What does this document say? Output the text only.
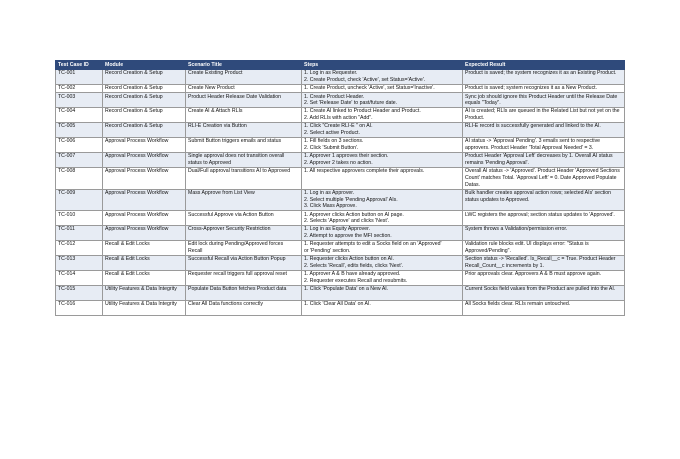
Test Case ID	Module	Scenario Title	Steps	Expected Result
TC-001	Record Creation & Setup	Create Existing Product	1. Log in as Requester.
2. Create Product, check 'Active', set Status='Active'.	Product is saved; the system recognizes it as an Existing Product.
TC-002	Record Creation & Setup	Create New Product	1. Create Product, uncheck 'Active', set Status='Inactive'.	Product is saved; system recognizes it as a New Product.
TC-003	Record Creation & Setup	Product Header Release Date Validation	1. Create Product Header.
2. Set 'Release Date' to past/future date.	Sync job should ignore this Product Header until the Release Date equals "Today".
TC-004	Record Creation & Setup	Create AI & Attach RLIs	1. Create AI linked to Product Header and Product.
2. Add RLIs with action "Add".	AI is created; RLIs are queued in the Related List but not yet on the Product.
TC-005	Record Creation & Setup	RLI-E Creation via Button	1. Click "Create RLI-E " on AI.
2. Select active Product.	RLI-E record is successfully generated and linked to the AI.
TC-006	Approval Process Workflow	Submit Button triggers emails and status	1. Fill fields on 3 sections.
2. Click 'Submit Button'.	AI status -> 'Approval Pending'. 3 emails sent to respective approvers. Product Header 'Total Approval Needed' = 3.
TC-007	Approval Process Workflow	Single approval does not transition overall status to Approved	1. Approver 1 approves their section.
2. Approver 2 takes no action.	Product Header 'Approval Left' decreases by 1. Overall AI status remains 'Pending Approval'.
TC-008	Approval Process Workflow	Dual/Full approval transitions AI to Approved	1. All respective approvers complete their approvals.	Overall AI status -> 'Approved'. Product Header 'Approved Sections Count' matches Total. 'Approval Left' = 0. Date Approved Populate Datas.
TC-009	Approval Process Workflow	Mass Approve from List View	1. Log in as Approver.
2. Select multiple 'Pending Approval' AIs.
3. Click Mass Approve.	Bulk handler creates approval action rows; selected AIs' section status updates to Approved.
TC-010	Approval Process Workflow	Successful Approve via Action Button	1. Approver clicks Action button on AI page.
2. Selects 'Approve' and clicks 'Nest'.	LWC registers the approval; section status updates to 'Approved'.
TC-011	Approval Process Workflow	Cross-Approver Security Restriction	1. Log in as Equity Approver.
2. Attempt to approve the MFI section.	System throws a Validation/permission error.
TC-012	Recall & Edit Locks	Edit lock during Pending/Approved forces Recall	1. Requester attempts to edit a Socks field on an 'Approved'
or 'Pending' section.	Validation rule blocks edit. UI displays error: "Status is Approved/Pending".
TC-013	Recall & Edit Locks	Successful Recall via Action Button Popup	1. Requester clicks Action button on AI.
2. Selects 'Recall', edits fields, clicks 'Next'.	Section status -> 'Recalled'. Is_Recall__c = True. Product Header Recall_Count__c increments by 1.
TC-014	Recall & Edit Locks	Requester recall triggers full approval reset	1. Approver A & B have already approved.
2. Requester executes Recall and resubmits.	Prior approvals clear. Approvers A & B must approve again.
TC-015	Utility Features & Data Integrity	Populate Data Button fetches Product data	1. Click 'Populate Data' on a New AI.	Current Socks field values from the Product are pulled into the AI.
TC-016	Utility Features & Data Integrity	Clear All Data functions correctly	1. Click 'Clear All Data' on AI.	All Socks fields clear. RLIs remain untouched.
